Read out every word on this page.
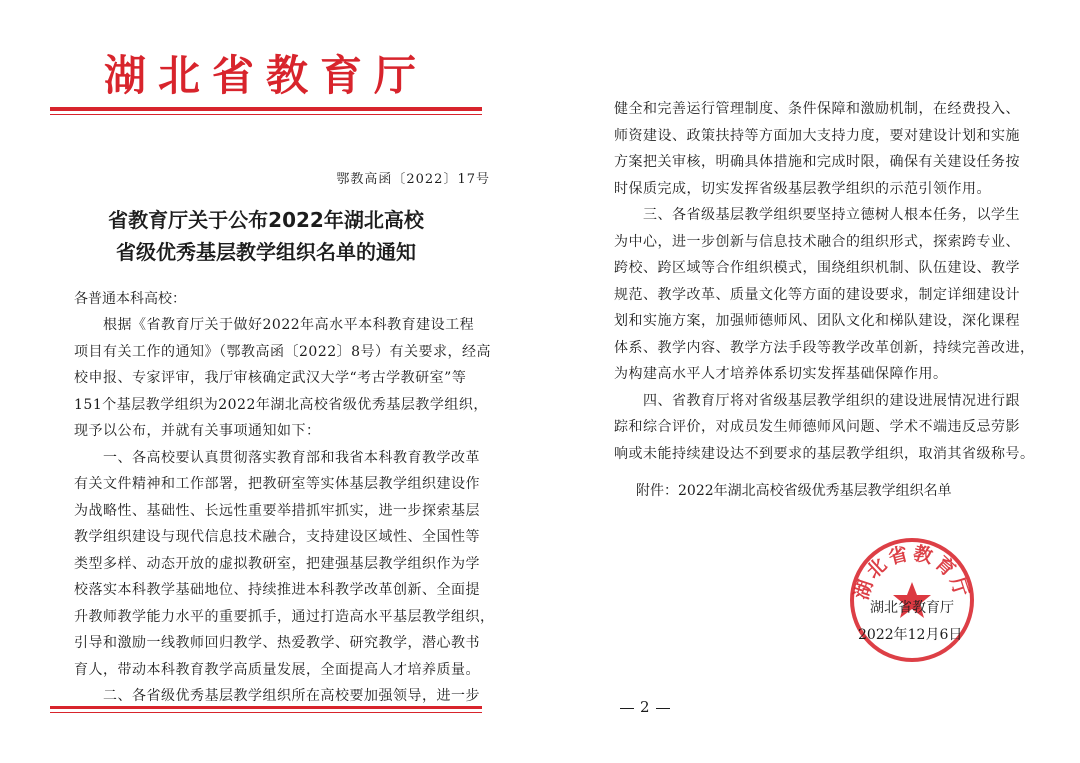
湖北省教育厅
鄂教高函〔2022〕17号
省教育厅关于公布2022年湖北高校
省级优秀基层教学组织名单的通知
各普通本科高校：
　　根据《省教育厅关于做好2022年高水平本科教育建设工程
项目有关工作的通知》（鄂教高函〔2022〕8号）有关要求，经高
校申报、专家评审，我厅审核确定武汉大学“考古学教研室”等
151个基层教学组织为2022年湖北高校省级优秀基层教学组织，
现予以公布，并就有关事项通知如下：
　　一、各高校要认真贯彻落实教育部和我省本科教育教学改革
有关文件精神和工作部署，把教研室等实体基层教学组织建设作
为战略性、基础性、长远性重要举措抓牢抓实，进一步探索基层
教学组织建设与现代信息技术融合，支持建设区域性、全国性等
类型多样、动态开放的虚拟教研室，把建强基层教学组织作为学
校落实本科教学基础地位、持续推进本科教学改革创新、全面提
升教师教学能力水平的重要抓手，通过打造高水平基层教学组织，
引导和激励一线教师回归教学、热爱教学、研究教学，潜心教书
育人，带动本科教育教学高质量发展，全面提高人才培养质量。
　　二、各省级优秀基层教学组织所在高校要加强领导，进一步
健全和完善运行管理制度、条件保障和激励机制，在经费投入、
师资建设、政策扶持等方面加大支持力度，要对建设计划和实施
方案把关审核，明确具体措施和完成时限，确保有关建设任务按
时保质完成，切实发挥省级基层教学组织的示范引领作用。
　　三、各省级基层教学组织要坚持立德树人根本任务，以学生
为中心，进一步创新与信息技术融合的组织形式，探索跨专业、
跨校、跨区域等合作组织模式，围绕组织机制、队伍建设、教学
规范、教学改革、质量文化等方面的建设要求，制定详细建设计
划和实施方案，加强师德师风、团队文化和梯队建设，深化课程
体系、教学内容、教学方法手段等教学改革创新，持续完善改进，
为构建高水平人才培养体系切实发挥基础保障作用。
　　四、省教育厅将对省级基层教学组织的建设进展情况进行跟
踪和综合评价，对成员发生师德师风问题、学术不端违反忌劳影
响或未能持续建设达不到要求的基层教学组织，取消其省级称号。
附件：2022年湖北高校省级优秀基层教学组织名单
湖北省教育厅
湖北省教育厅
2022年12月6日
2
